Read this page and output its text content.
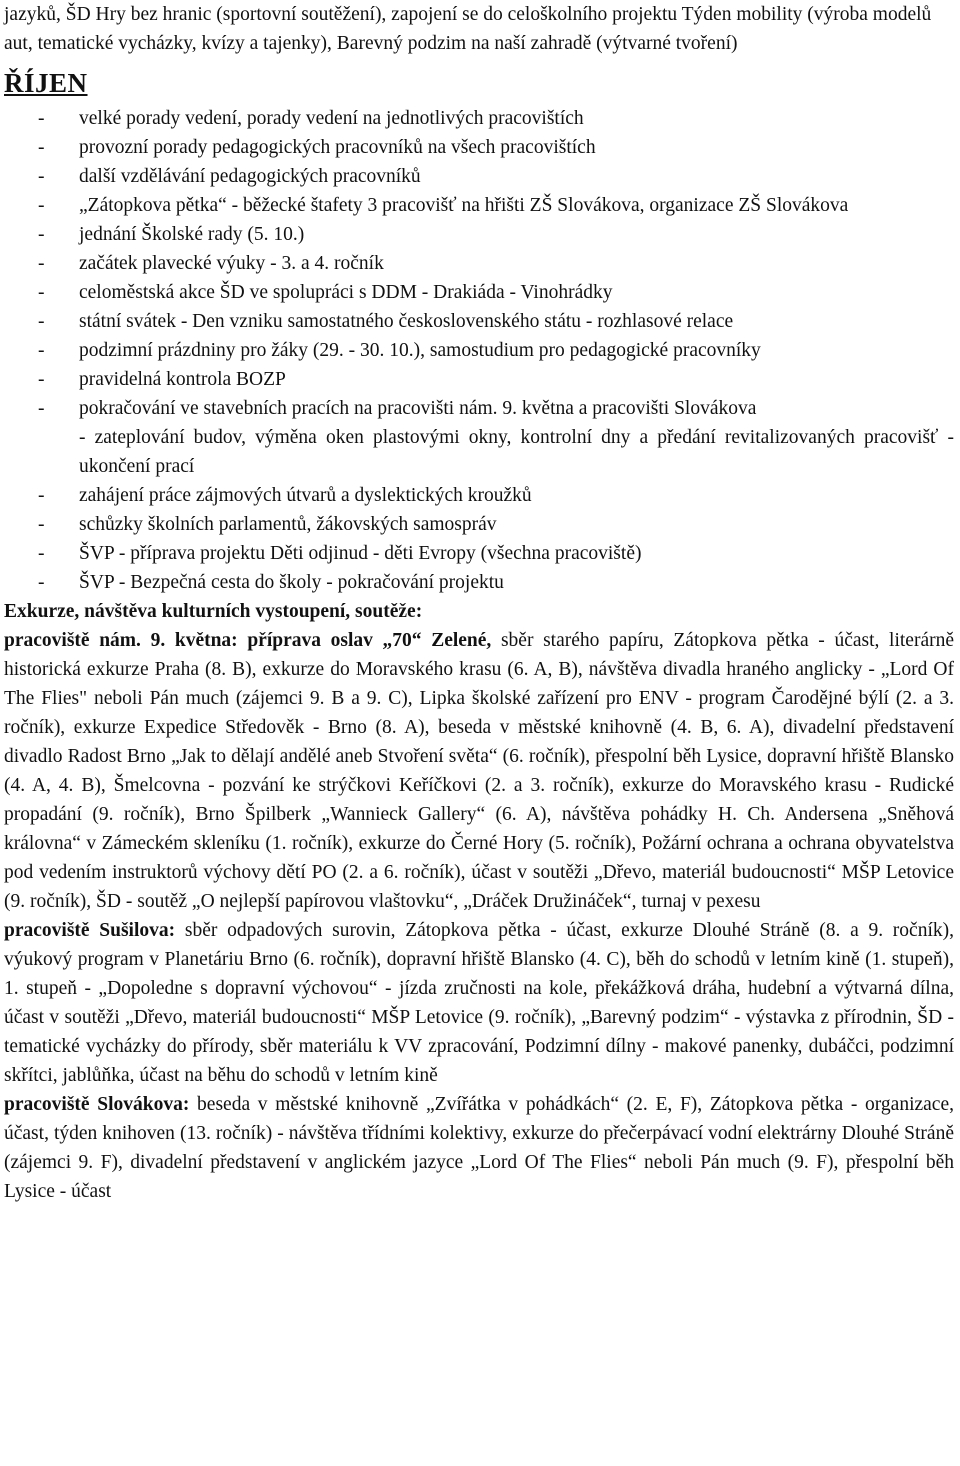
jazyků, ŠD Hry bez hranic (sportovní soutěžení), zapojení se do celoškolního projektu Týden mobility (výroba modelů aut, tematické vycházky, kvízy a tajenky), Barevný podzim na naší zahradě (výtvarné tvoření)

ŘÍJEN
- velké porady vedení, porady vedení na jednotlivých pracovištích
- provozní porady pedagogických pracovníků na všech pracovištích
- další vzdělávání pedagogických pracovníků
- „Zátopkova pětka“ - běžecké štafety 3 pracovišť na hřišti ZŠ Slovákova, organizace ZŠ Slovákova
- jednání Školské rady (5. 10.)
- začátek plavecké výuky - 3. a 4. ročník
- celoměstská akce ŠD ve spolupráci s DDM - Drakiáda - Vinohrádky
- státní svátek - Den vzniku samostatného československého státu - rozhlasové relace
- podzimní prázdniny pro žáky (29. - 30. 10.), samostudium pro pedagogické pracovníky
- pravidelná kontrola BOZP
- pokračování ve stavebních pracích na pracovišti nám. 9. května a pracovišti Slovákova

- zateplování budov, výměna oken plastovými okny, kontrolní dny a předání revitalizovaných pracovišť - ukončení prací

- zahájení práce zájmových útvarů a dyslektických kroužků
- schůzky školních parlamentů, žákovských samospráv
- ŠVP - příprava projektu Děti odjinud - děti Evropy (všechna pracoviště)
- ŠVP - Bezpečná cesta do školy - pokračování projektu

Exkurze, návštěva kulturních vystoupení, soutěže:

pracoviště nám. 9. května: příprava oslav „70“ Zelené, sběr starého papíru, Zátopkova pětka - účast, literárně historická exkurze Praha (8. B), exkurze do Moravského krasu (6. A, B), návštěva divadla hraného anglicky - „Lord Of The Flies" neboli Pán much (zájemci 9. B a 9. C), Lipka školské zařízení pro ENV - program Čarodějné býlí (2. a 3. ročník), exkurze Expedice Středověk - Brno (8. A), beseda v městské knihovně (4. B, 6. A), divadelní představení divadlo Radost Brno „Jak to dělají andělé aneb Stvoření světa“ (6. ročník), přespolní běh Lysice, dopravní hřiště Blansko (4. A, 4. B), Šmelcovna - pozvání ke strýčkovi Keříčkovi (2. a 3. ročník), exkurze do Moravského krasu - Rudické propadání (9. ročník), Brno Špilberk „Wannieck Gallery“ (6. A), návštěva pohádky H. Ch. Andersena „Sněhová královna“ v Zámeckém skleníku (1. ročník), exkurze do Černé Hory (5. ročník), Požární ochrana a ochrana obyvatelstva pod vedením instruktorů výchovy dětí PO (2. a 6. ročník), účast v soutěži „Dřevo, materiál budoucnosti“ MŠP Letovice (9. ročník), ŠD - soutěž „O nejlepší papírovou vlaštovku“, „Dráček Družináček“, turnaj v pexesu

pracoviště Sušilova: sběr odpadových surovin, Zátopkova pětka - účast, exkurze Dlouhé Stráně (8. a 9. ročník), výukový program v Planetáriu Brno (6. ročník), dopravní hřiště Blansko (4. C), běh do schodů v letním kině (1. stupeň), 1. stupeň - „Dopoledne s dopravní výchovou“ - jízda zručnosti na kole, překážková dráha, hudební a výtvarná dílna, účast v soutěži „Dřevo, materiál budoucnosti“ MŠP Letovice (9. ročník), „Barevný podzim“ - výstavka z přírodnin, ŠD - tematické vycházky do přírody, sběr materiálu k VV zpracování, Podzimní dílny - makové panenky, dubáčci, podzimní skřítci, jablůňka, účast na běhu do schodů v letním kině

pracoviště Slovákova: beseda v městské knihovně „Zvířátka v pohádkách“ (2. E, F), Zátopkova pětka - organizace, účast, týden knihoven (13. ročník) - návštěva třídními kolektivy, exkurze do přečerpávací vodní elektrárny Dlouhé Stráně (zájemci 9. F), divadelní představení v anglickém jazyce „Lord Of The Flies“ neboli Pán much (9. F), přespolní běh Lysice - účast
